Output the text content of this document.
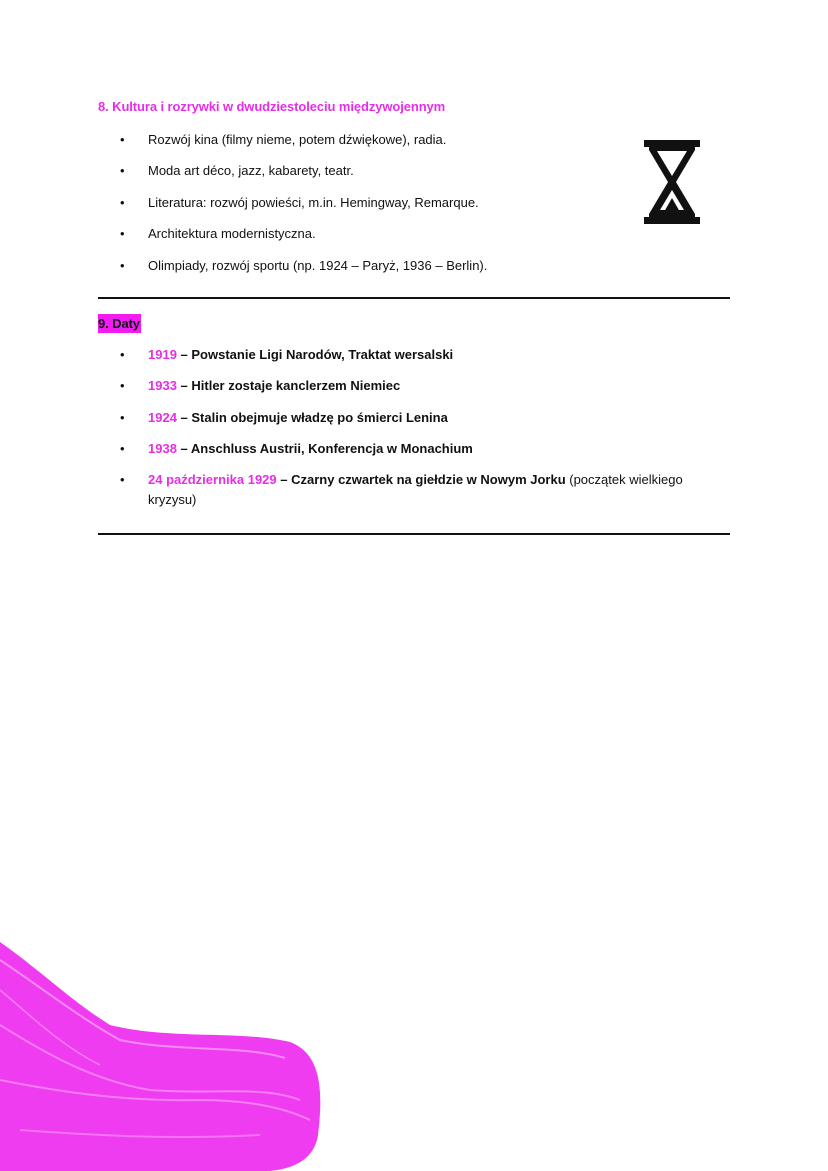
8. Kultura i rozrywki w dwudziestoleciu międzywojennym
• Rozwój kina (filmy nieme, potem dźwiękowe), radia.
• Moda art déco, jazz, kabarety, teatr.
• Literatura: rozwój powieści, m.in. Hemingway, Remarque.
• Architektura modernistyczna.
• Olimpiady, rozwój sportu (np. 1924 – Paryż, 1936 – Berlin).
9. Daty
• 1919 – Powstanie Ligi Narodów, Traktat wersalski
• 1933 – Hitler zostaje kanclerzem Niemiec
• 1924 – Stalin obejmuje władzę po śmierci Lenina
• 1938 – Anschluss Austrii, Konferencja w Monachium
• 24 października 1929 – Czarny czwartek na giełdzie w Nowym Jorku (początek wielkiego kryzysu)
